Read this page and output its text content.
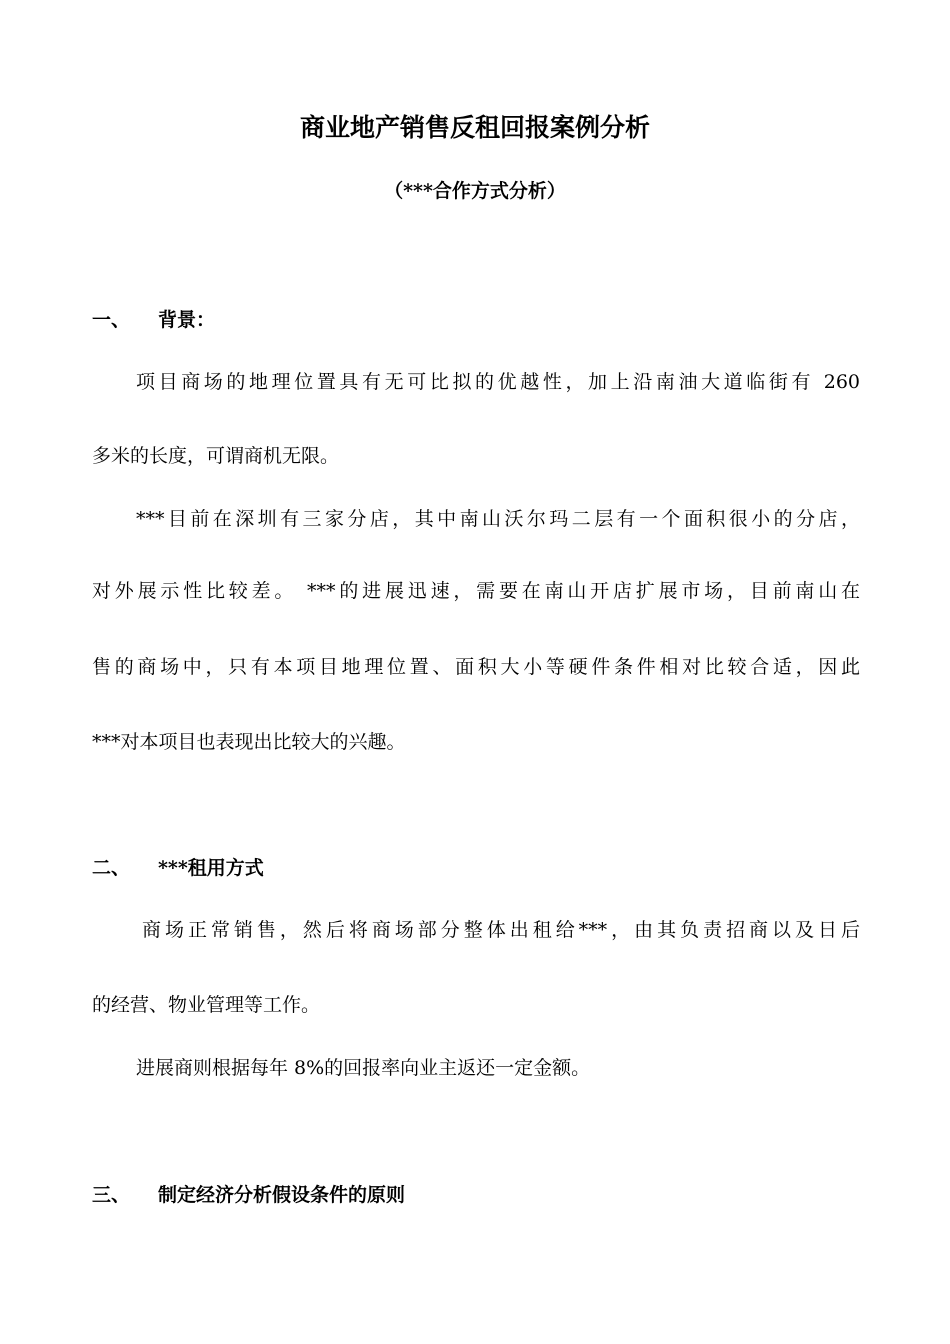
商业地产销售反租回报案例分析
（***合作方式分析）
一、 背景：
项目商场的地理位置具有无可比拟的优越性，加上沿南油大道临街有 260
多米的长度，可谓商机无限。
***目前在深圳有三家分店，其中南山沃尔玛二层有一个面积很小的分店，
对外展示性比较差。 ***的进展迅速，需要在南山开店扩展市场，目前南山在
售的商场中，只有本项目地理位置、面积大小等硬件条件相对比较合适，因此
***对本项目也表现出比较大的兴趣。
二、 ***租用方式
商场正常销售，然后将商场部分整体出租给***，由其负责招商以及日后
的经营、物业管理等工作。
进展商则根据每年 8%的回报率向业主返还一定金额。
三、 制定经济分析假设条件的原则
